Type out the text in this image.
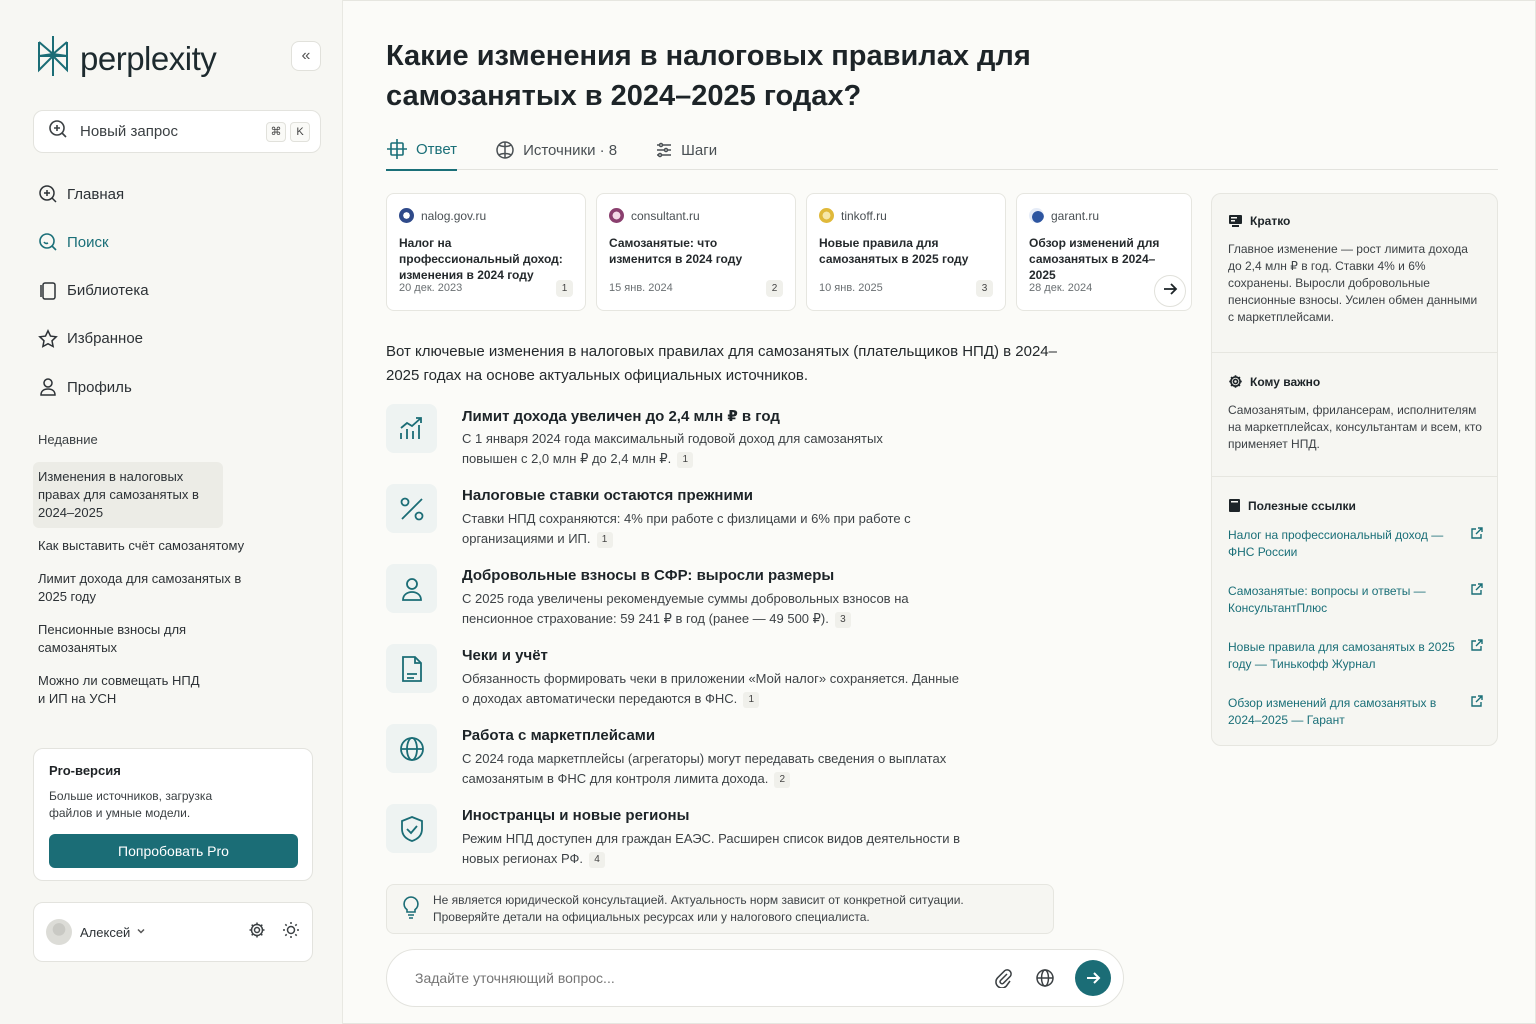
perplexity	«
Новый запрос	⌘	K
Главная
Поиск
Библиотека
Избранное
Профиль
Недавние
Изменения в налоговых правах для самозанятых в 2024–2025
Как выставить счёт самозанятому
Лимит дохода для самозанятых в 2025 году
Пенсионные взносы для самозанятых
Можно ли совмещать НПД и ИП на УСН
Pro-версия
Больше источников, загрузка файлов и умные модели.
Попробовать Pro
Алексей
Какие изменения в налоговых правилах для самозанятых в 2024–2025 годах?
Ответ	Источники · 8	Шаги
nalog.gov.ru
Налог на профессиональный доход: изменения в 2024 году
20 дек. 2023	1
consultant.ru
Самозанятые: что изменится в 2024 году
15 янв. 2024	2
tinkoff.ru
Новые правила для самозанятых в 2025 году
10 янв. 2025	3
garant.ru
Обзор изменений для самозанятых в 2024–2025
28 дек. 2024

Вот ключевые изменения в налоговых правилах для самозанятых (плательщиков НПД) в 2024–2025 годах на основе актуальных официальных источников.

Лимит дохода увеличен до 2,4 млн ₽ в год
С 1 января 2024 года максимальный годовой доход для самозанятых повышен с 2,0 млн ₽ до 2,4 млн ₽. 1
Налоговые ставки остаются прежними
Ставки НПД сохраняются: 4% при работе с физлицами и 6% при работе с организациями и ИП. 1
Добровольные взносы в СФР: выросли размеры
С 2025 года увеличены рекомендуемые суммы добровольных взносов на пенсионное страхование: 59 241 ₽ в год (ранее — 49 500 ₽). 3
Чеки и учёт
Обязанность формировать чеки в приложении «Мой налог» сохраняется. Данные о доходах автоматически передаются в ФНС. 1
Работа с маркетплейсами
С 2024 года маркетплейсы (агрегаторы) могут передавать сведения о выплатах самозанятым в ФНС для контроля лимита дохода. 2
Иностранцы и новые регионы
Режим НПД доступен для граждан ЕАЭС. Расширен список видов деятельности в новых регионах РФ. 4
Не является юридической консультацией. Актуальность норм зависит от конкретной ситуации. Проверяйте детали на официальных ресурсах или у налогового специалиста.
Задайте уточняющий вопрос...
Кратко
Главное изменение — рост лимита дохода до 2,4 млн ₽ в год. Ставки 4% и 6% сохранены. Выросли добровольные пенсионные взносы. Усилен обмен данными с маркетплейсами.
Кому важно
Самозанятым, фрилансерам, исполнителям на маркетплейсах, консультантам и всем, кто применяет НПД.
Полезные ссылки
Налог на профессиональный доход — ФНС России
Самозанятые: вопросы и ответы — КонсультантПлюс
Новые правила для самозанятых в 2025 году — Тинькофф Журнал
Обзор изменений для самозанятых в 2024–2025 — Гарант
